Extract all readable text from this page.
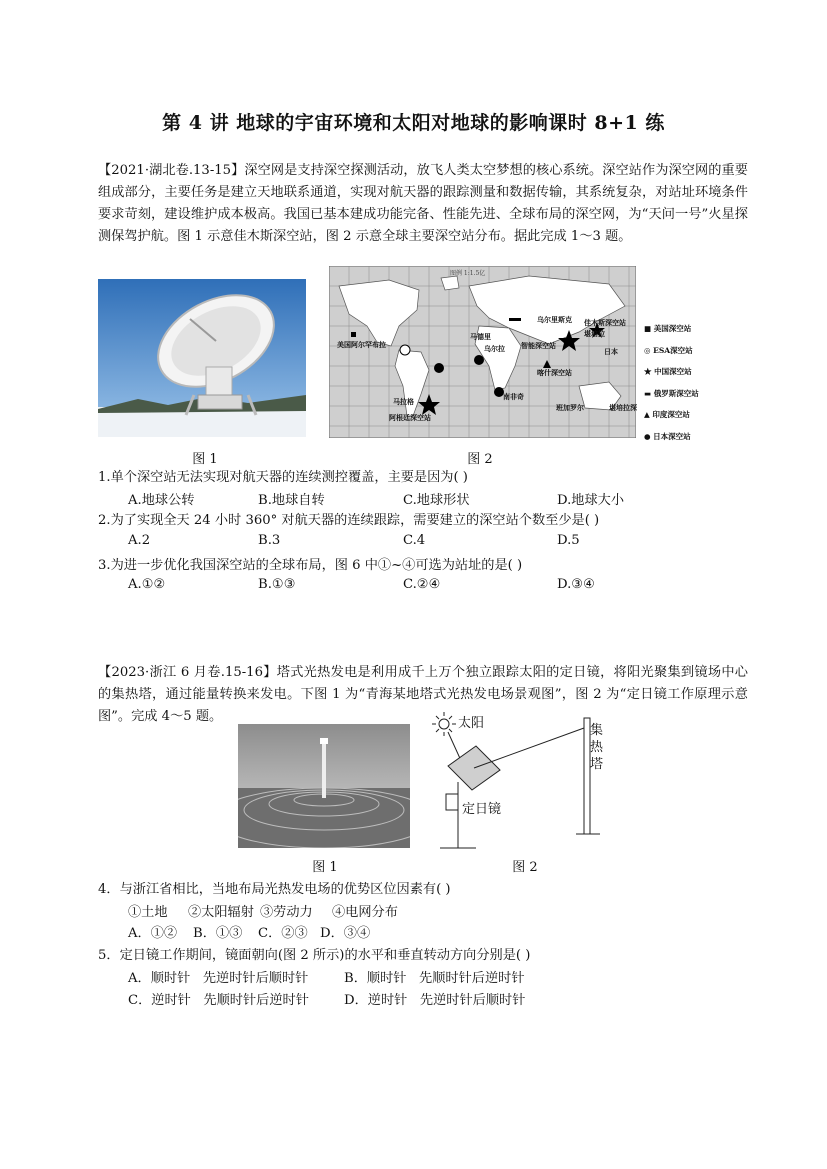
第 4 讲 地球的宇宙环境和太阳对地球的影响课时 8+1 练
【2021·湖北卷.13-15】深空网是支持深空探测活动，放飞人类太空梦想的核心系统。深空站作为深空网的重要组成部分，主要任务是建立天地联系通道，实现对航天器的跟踪测量和数据传输，其系统复杂，对站址环境条件要求苛刻，建设维护成本极高。我国已基本建成功能完备、性能先进、全球布局的深空网，为“天问一号”火星探测保驾护航。图 1 示意佳木斯深空站，图 2 示意全球主要深空站分布。据此完成 1～3 题。
图 1
图例 1:1.5亿
美国阿尔罕布拉
乌尔里斯克 佳木斯深空站
智能深空站
堪培拉
日本
马德里
乌尔拉
喀什深空站
班加罗尔
阿根廷深空站
马拉格
南非奇
堪培拉深
■ 美国深空站
◎ ESA深空站
★ 中国深空站
▬ 俄罗斯深空站
▲ 印度深空站
● 日本深空站
图 2
1.单个深空站无法实现对航天器的连续测控覆盖，主要是因为( )
A.地球公转	B.地球自转	C.地球形状	D.地球大小
2.为了实现全天 24 小时 360° 对航天器的连续跟踪，需要建立的深空站个数至少是( )
A.2	B.3	C.4	D.5
3.为进一步优化我国深空站的全球布局，图 6 中①~④可选为站址的是( )
A.①②	B.①③	C.②④	D.③④
【2023·浙江 6 月卷.15-16】塔式光热发电是利用成千上万个独立跟踪太阳的定日镜，将阳光聚集到镜场中心的集热塔，通过能量转换来发电。下图 1 为“青海某地塔式光热发电场景观图”，图 2 为“定日镜工作原理示意图”。完成 4～5 题。
图 1
太阳
定日镜
集热塔
图 2
4．与浙江省相比，当地布局光热发电场的优势区位因素有( )
①土地 ②太阳辐射 ③劳动力 ④电网分布
A．①② B．①③ C．②③ D．③④
5．定日镜工作期间，镜面朝向(图 2 所示)的水平和垂直转动方向分别是( )
A．顺时针   先逆时针后顺时针	B．顺时针   先顺时针后逆时针
C．逆时针   先顺时针后逆时针	D．逆时针   先逆时针后顺时针
